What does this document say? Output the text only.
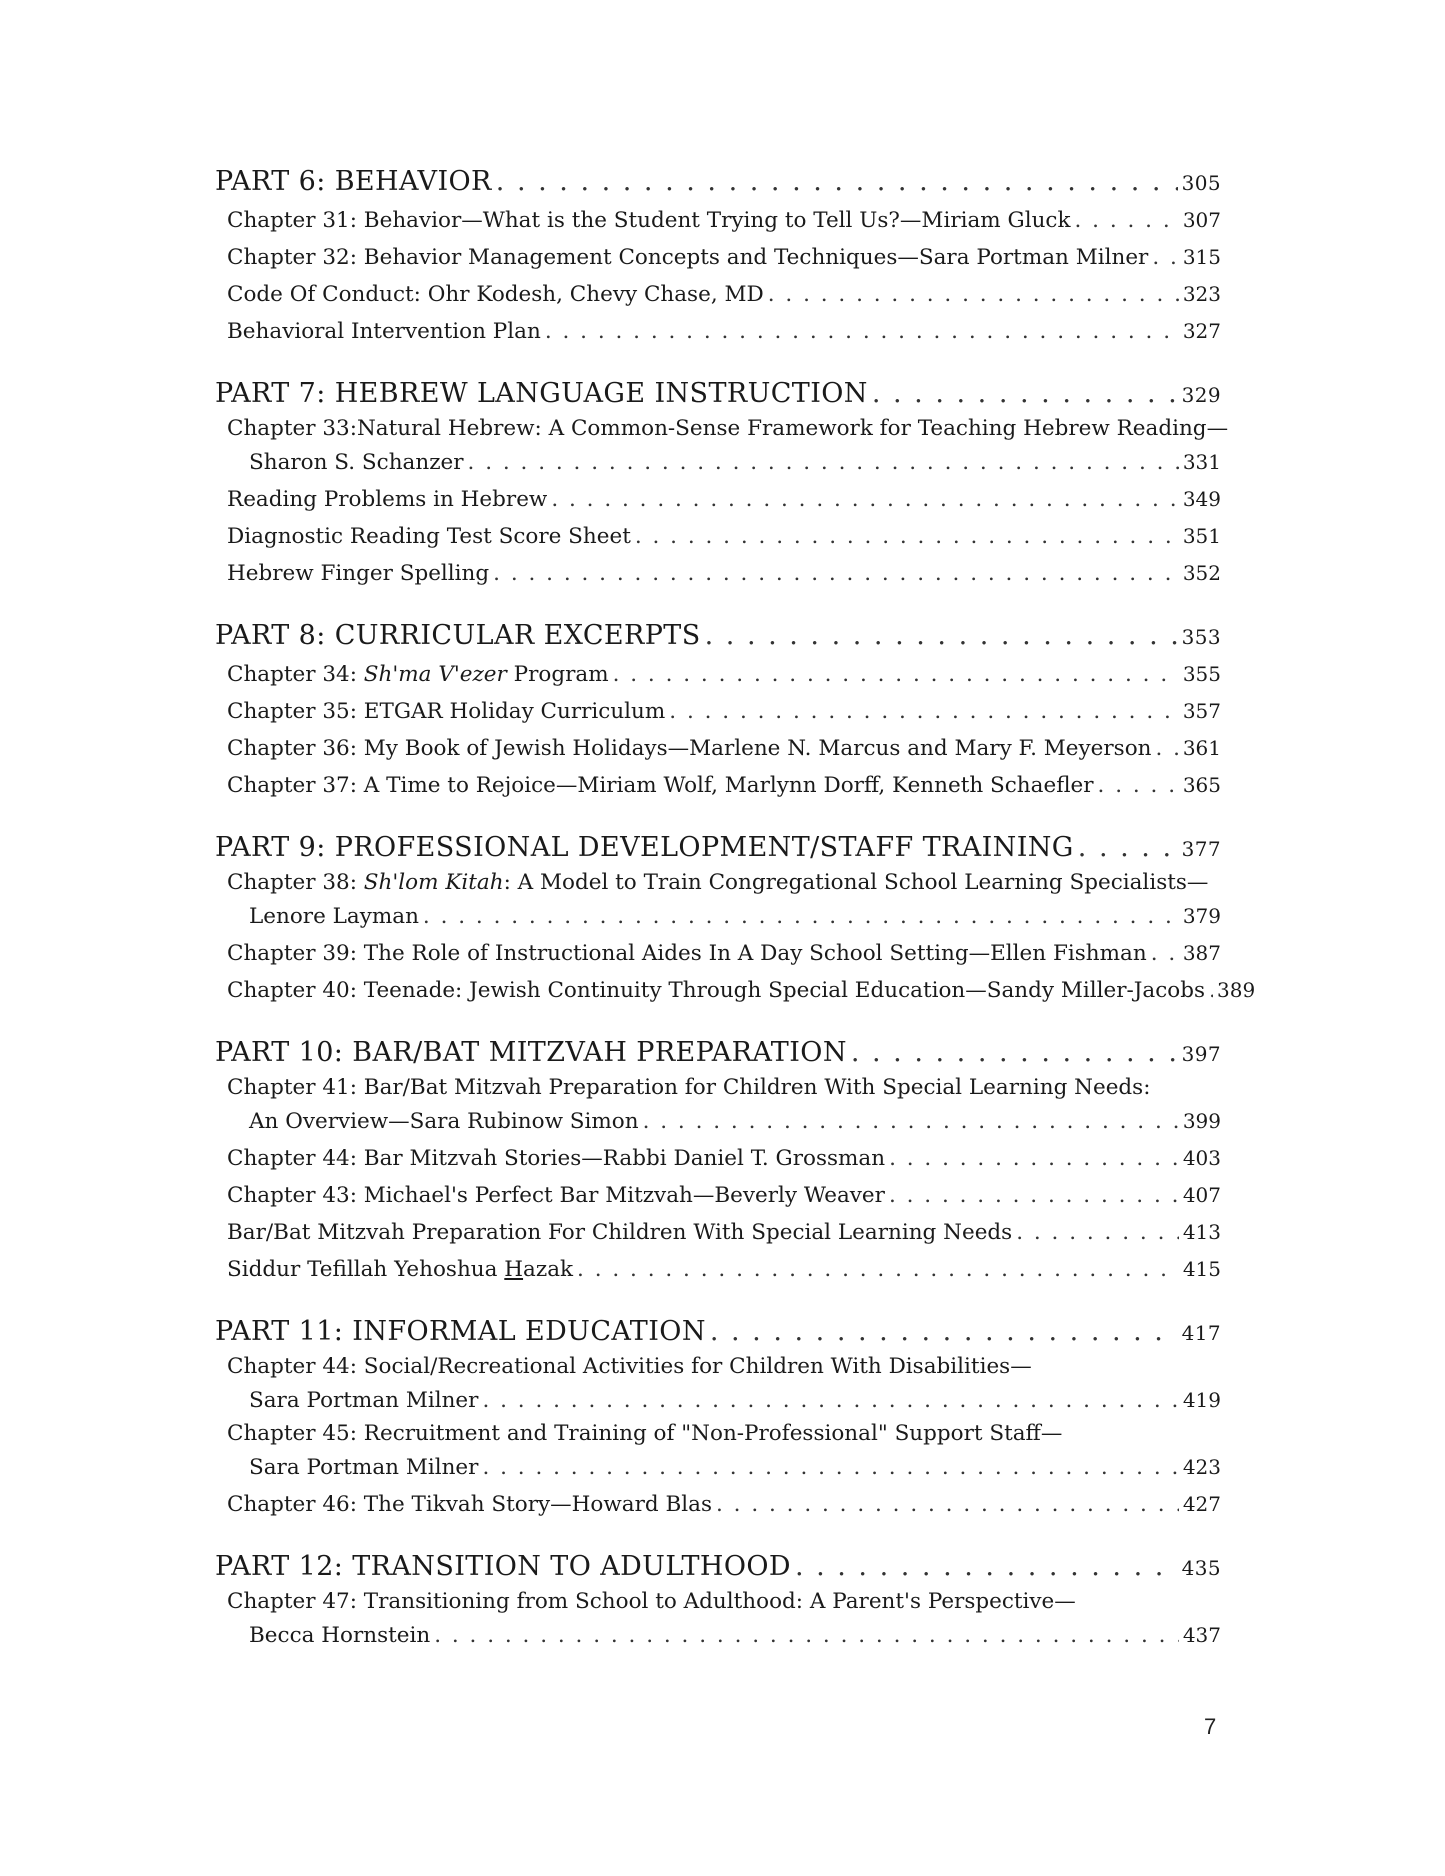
PART 6: BEHAVIOR . . .	305
Chapter 31: Behavior—What is the Student Trying to Tell Us?—Miriam Gluck . . .	307
Chapter 32: Behavior Management Concepts and Techniques—Sara Portman Milner . . . 315
Code Of Conduct: Ohr Kodesh, Chevy Chase, MD . . .	323
Behavioral Intervention Plan . . .	327
PART 7: HEBREW LANGUAGE INSTRUCTION . . .	329
Chapter 33:Natural Hebrew: A Common-Sense Framework for Teaching Hebrew Reading—
Sharon S. Schanzer . . .	331
Reading Problems in Hebrew . . .	349
Diagnostic Reading Test Score Sheet . . .	351
Hebrew Finger Spelling . . .	352
PART 8: CURRICULAR EXCERPTS . . .	353
Chapter 34: Sh'ma V'ezer Program . . .	355
Chapter 35: ETGAR Holiday Curriculum . . .	357
Chapter 36: My Book of Jewish Holidays—Marlene N. Marcus and Mary F. Meyerson . . . 361
Chapter 37: A Time to Rejoice—Miriam Wolf, Marlynn Dorff, Kenneth Schaefler . . .	365
PART 9: PROFESSIONAL DEVELOPMENT/STAFF TRAINING . . .	377
Chapter 38: Sh'lom Kitah: A Model to Train Congregational School Learning Specialists—
Lenore Layman . . .	379
Chapter 39: The Role of Instructional Aides In A Day School Setting—Ellen Fishman . . . 387
Chapter 40: Teenade: Jewish Continuity Through Special Education—Sandy Miller-Jacobs . . . 389
PART 10: BAR/BAT MITZVAH PREPARATION . . .	397
Chapter 41: Bar/Bat Mitzvah Preparation for Children With Special Learning Needs:
An Overview—Sara Rubinow Simon . . .	399
Chapter 44: Bar Mitzvah Stories—Rabbi Daniel T. Grossman . . .	403
Chapter 43: Michael's Perfect Bar Mitzvah—Beverly Weaver . . .	407
Bar/Bat Mitzvah Preparation For Children With Special Learning Needs . . .	413
Siddur Tefillah Yehoshua Hazak . . .	415
PART 11: INFORMAL EDUCATION . . .	417
Chapter 44: Social/Recreational Activities for Children With Disabilities—
Sara Portman Milner . . .	419
Chapter 45: Recruitment and Training of "Non-Professional" Support Staff—
Sara Portman Milner . . .	423
Chapter 46: The Tikvah Story—Howard Blas . . .	427
PART 12: TRANSITION TO ADULTHOOD . . .	435
Chapter 47: Transitioning from School to Adulthood: A Parent's Perspective—
Becca Hornstein . . .	437
7
